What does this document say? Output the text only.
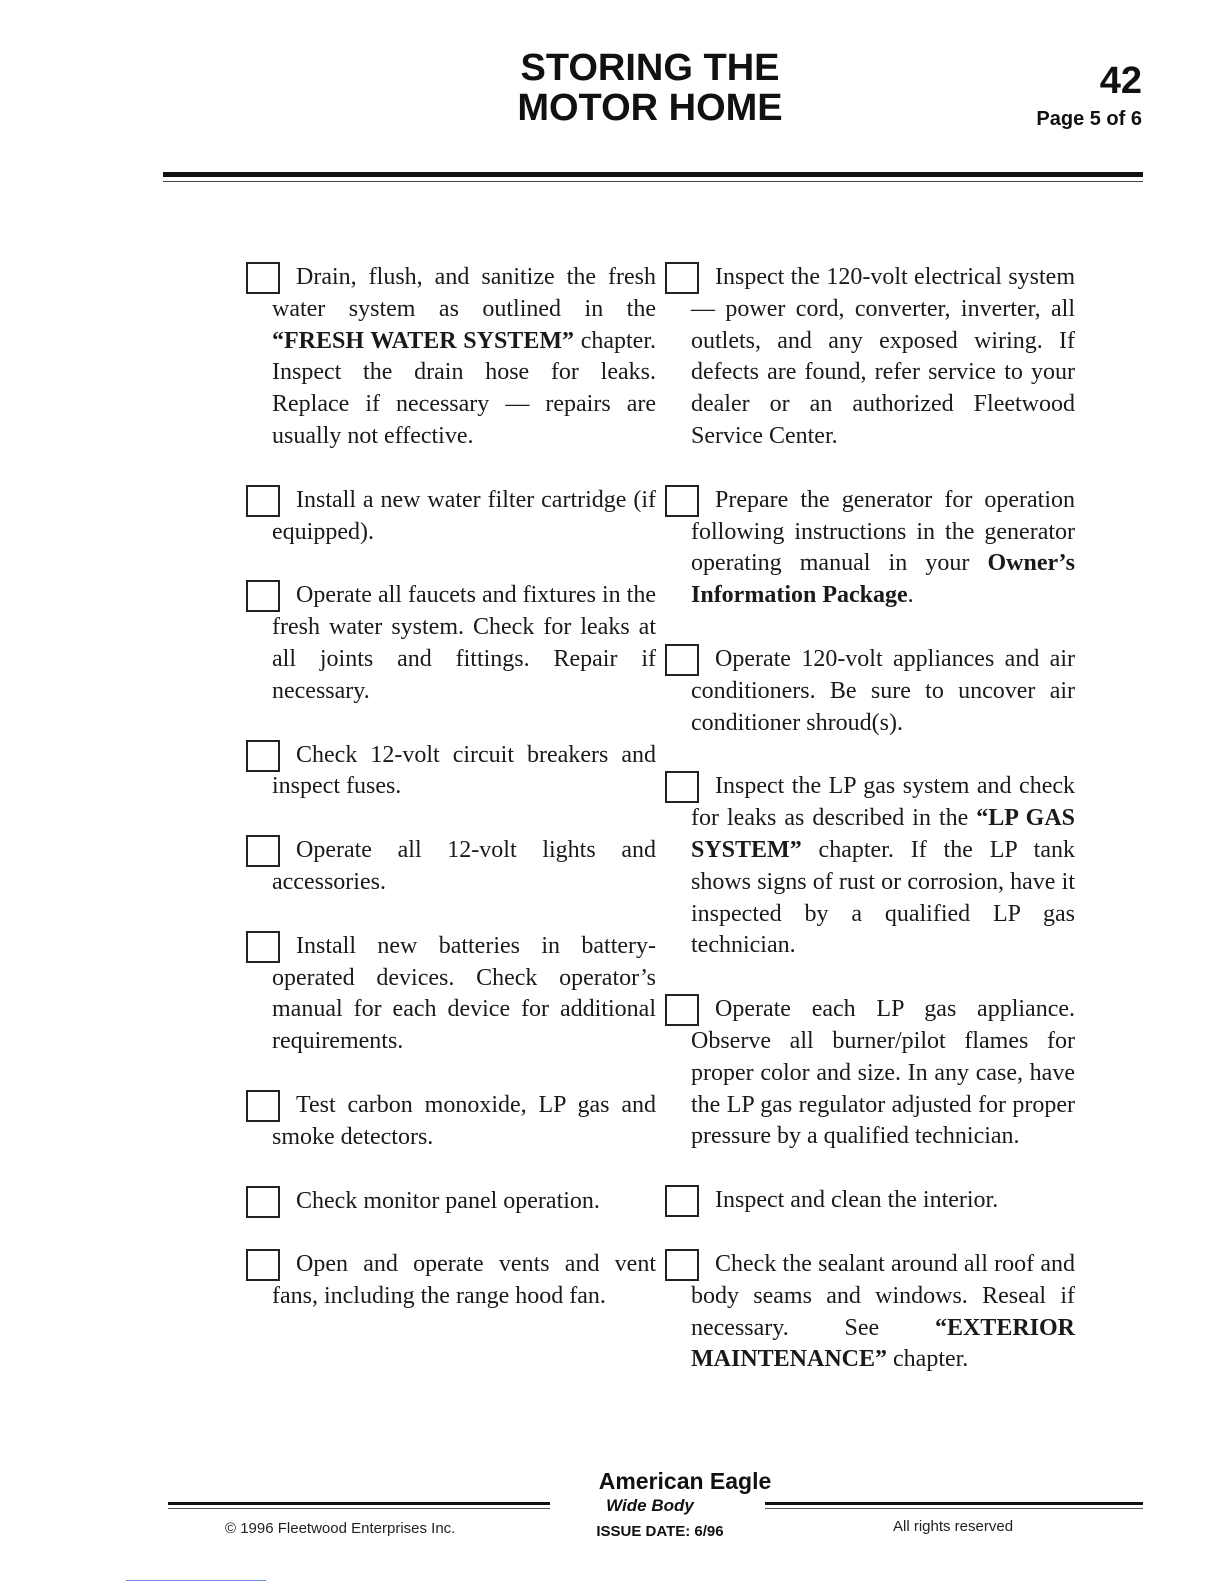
STORING THE
MOTOR HOME
42
Page 5 of 6
Drain, flush, and sanitize the fresh water system as outlined in the “FRESH WATER SYSTEM” chapter. Inspect the drain hose for leaks. Replace if necessary — repairs are usually not effective.
Install a new water filter cartridge (if equipped).
Operate all faucets and fixtures in the fresh water system. Check for leaks at all joints and fittings. Repair if necessary.
Check 12-volt circuit breakers and inspect fuses.
Operate all 12-volt lights and accessories.
Install new batteries in battery-operated devices. Check operator’s manual for each device for additional requirements.
Test carbon monoxide, LP gas and smoke detectors.
Check monitor panel operation.
Open and operate vents and vent fans, including the range hood fan.
Inspect the 120-volt electrical system — power cord, converter, inverter, all outlets, and any exposed wiring. If defects are found, refer service to your dealer or an authorized Fleetwood Service Center.
Prepare the generator for operation following instructions in the generator operating manual in your Owner’s Information Package.
Operate 120-volt appliances and air conditioners. Be sure to uncover air conditioner shroud(s).
Inspect the LP gas system and check for leaks as described in the “LP GAS SYSTEM” chapter. If the LP tank shows signs of rust or corrosion, have it inspected by a qualified LP gas technician.
Operate each LP gas appliance. Observe all burner/pilot flames for proper color and size. In any case, have the LP gas regulator adjusted for proper pressure by a qualified technician.
Inspect and clean the interior.
Check the sealant around all roof and body seams and windows. Reseal if necessary. See “EXTERIOR MAINTENANCE” chapter.
American Eagle
Wide Body
ISSUE DATE: 6/96
© 1996 Fleetwood Enterprises Inc.	All rights reserved
